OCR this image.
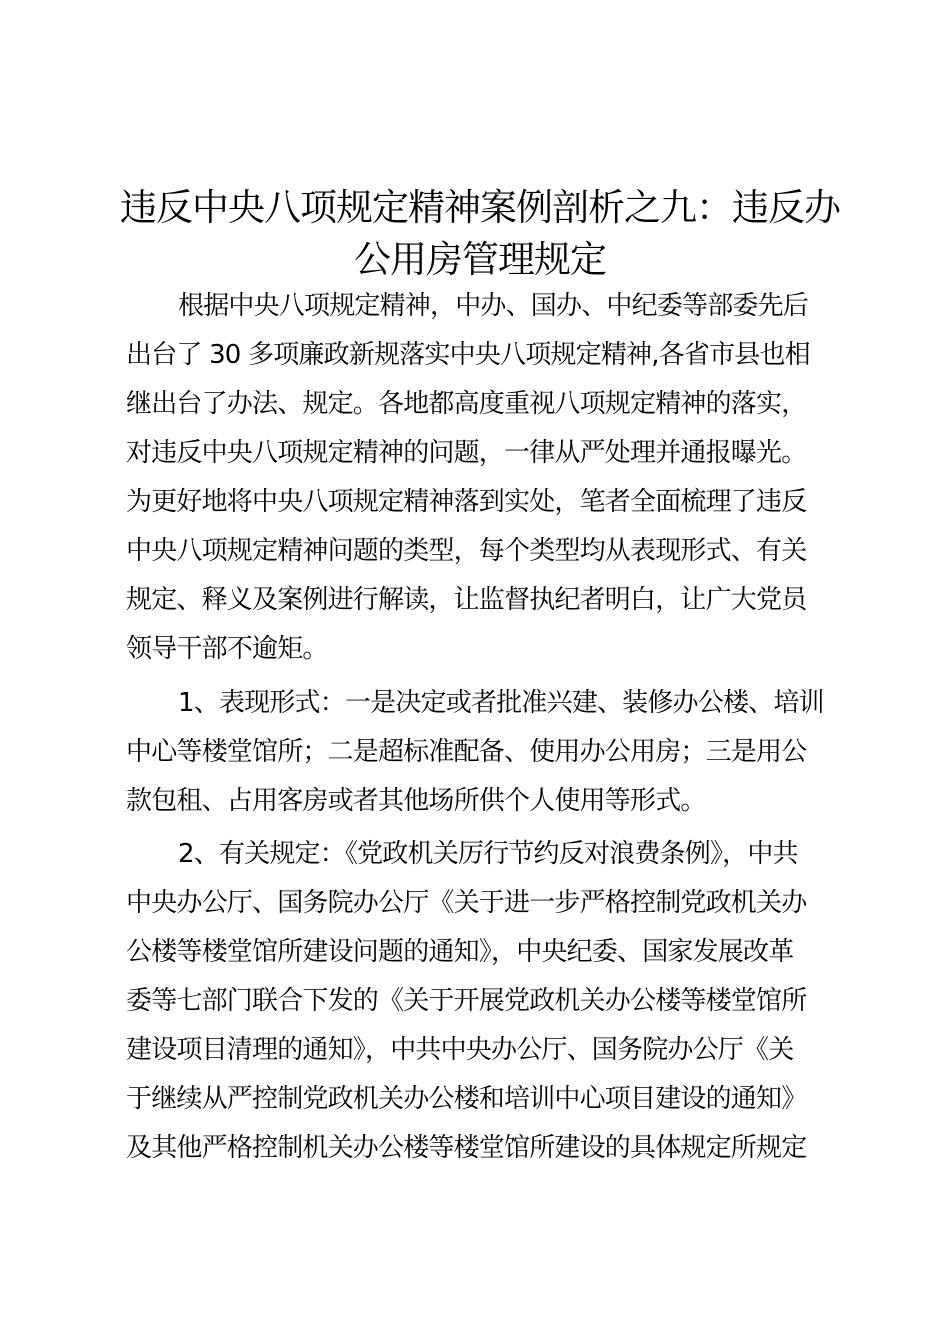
违反中央八项规定精神案例剖析之九：违反办
公用房管理规定
根据中央八项规定精神，中办、国办、中纪委等部委先后
出台了 30 多项廉政新规落实中央八项规定精神,各省市县也相
继出台了办法、规定。各地都高度重视八项规定精神的落实，
对违反中央八项规定精神的问题，一律从严处理并通报曝光。
为更好地将中央八项规定精神落到实处，笔者全面梳理了违反
中央八项规定精神问题的类型，每个类型均从表现形式、有关
规定、释义及案例进行解读，让监督执纪者明白，让广大党员
领导干部不逾矩。
1、表现形式：一是决定或者批准兴建、装修办公楼、培训
中心等楼堂馆所；二是超标准配备、使用办公用房；三是用公
款包租、占用客房或者其他场所供个人使用等形式。
2、有关规定：《党政机关厉行节约反对浪费条例》，中共
中央办公厅、国务院办公厅《关于进一步严格控制党政机关办
公楼等楼堂馆所建设问题的通知》，中央纪委、国家发展改革
委等七部门联合下发的《关于开展党政机关办公楼等楼堂馆所
建设项目清理的通知》，中共中央办公厅、国务院办公厅《关
于继续从严控制党政机关办公楼和培训中心项目建设的通知》
及其他严格控制机关办公楼等楼堂馆所建设的具体规定所规定
